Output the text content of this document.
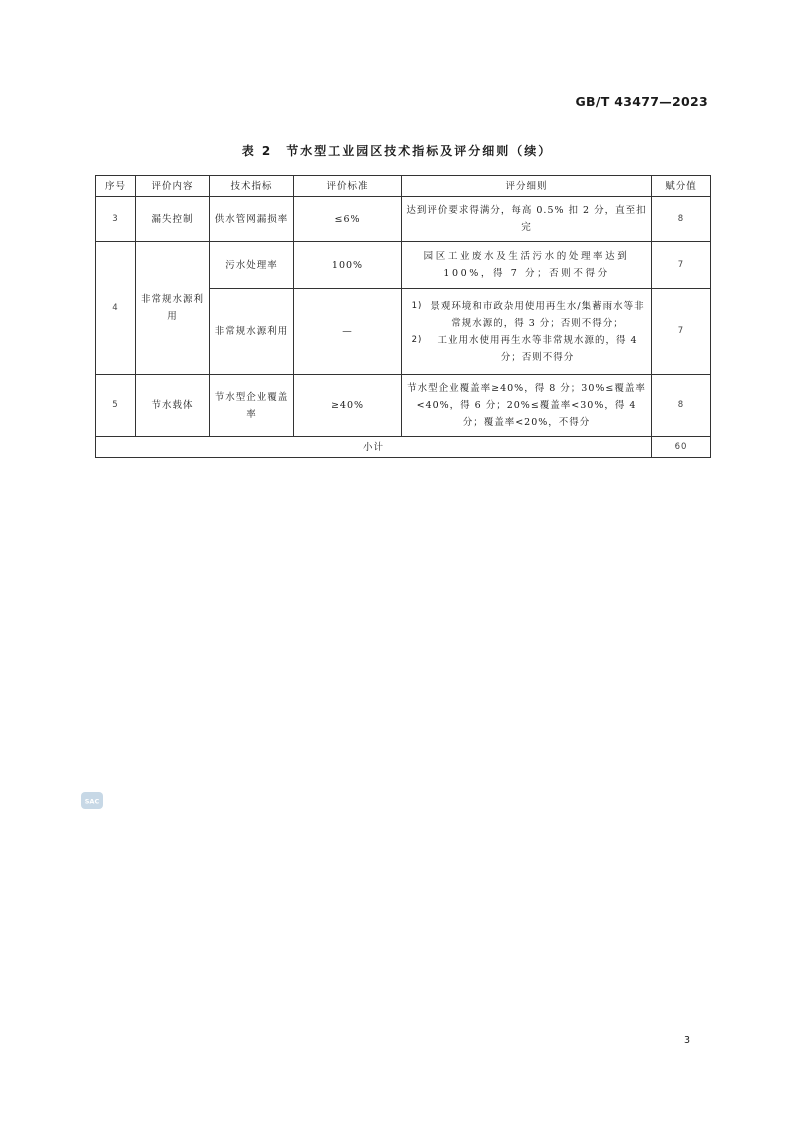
GB/T 43477—2023
表 2　节水型工业园区技术指标及评分细则（续）
序号	评价内容	技术指标	评价标准	评分细则	赋分值
3	漏失控制	供水管网漏损率	≤6%	达到评价要求得满分，每高 0.5% 扣 2 分，直至扣完	8
4	非常规水源利用	污水处理率	100%	园区工业废水及生活污水的处理率达到 100%，得 7 分；否则不得分	7
		非常规水源利用	—	1) 景观环境和市政杂用使用再生水/集蓄雨水等非常规水源的，得 3 分；否则不得分；
2) 工业用水使用再生水等非常规水源的，得 4 分；否则不得分	7
5	节水载体	节水型企业覆盖率	≥40%	节水型企业覆盖率≥40%，得 8 分；30%≤覆盖率<40%，得 6 分；20%≤覆盖率<30%，得 4 分；覆盖率<20%，不得分	8
小计					60
SAC
3
